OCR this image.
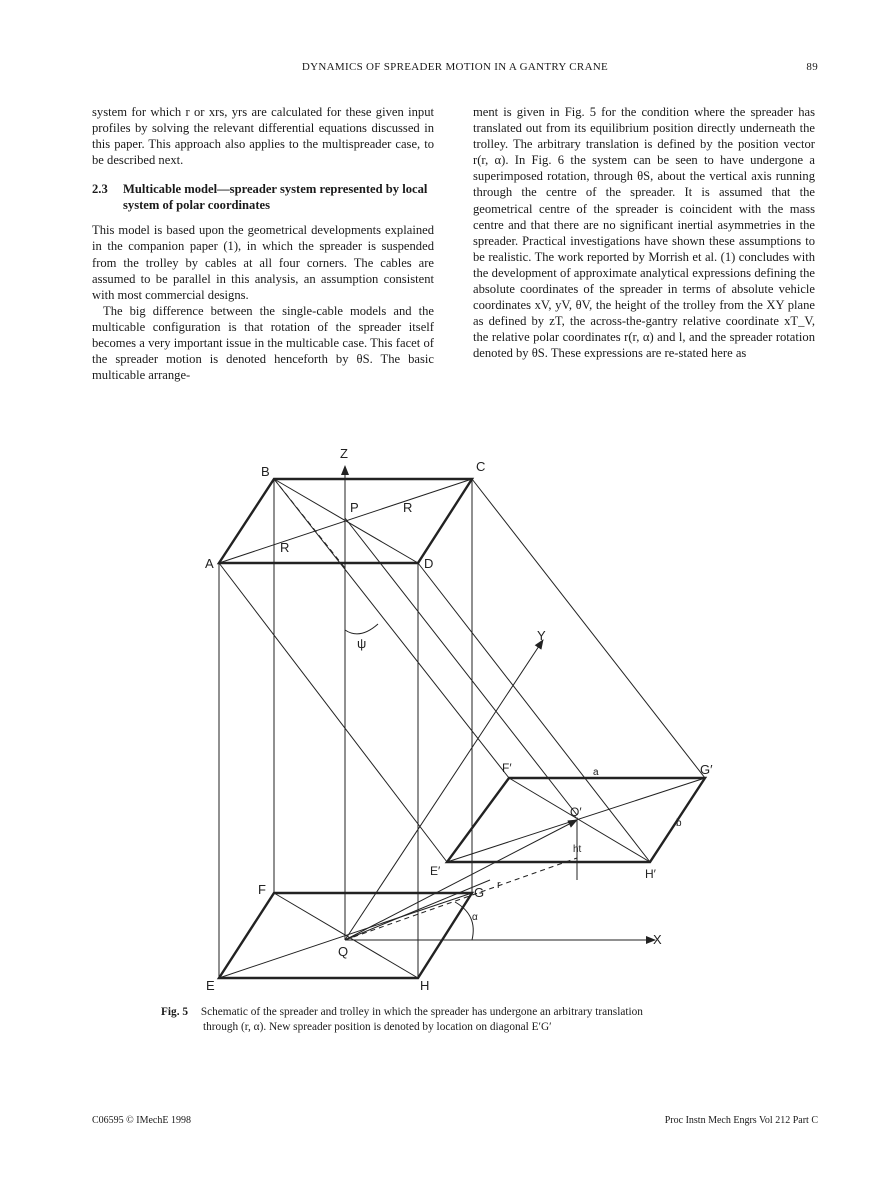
DYNAMICS OF SPREADER MOTION IN A GANTRY CRANE	89

system for which r or xrs, yrs are calculated for these given input profiles by solving the relevant differential equations discussed in this paper. This approach also applies to the multispreader case, to be described next.

2.3	Multicable model—spreader system represented by local system of polar coordinates

This model is based upon the geometrical developments explained in the companion paper (1), in which the spreader is suspended from the trolley by cables at all four corners. The cables are assumed to be parallel in this analysis, an assumption consistent with most commercial designs.

The big difference between the single-cable models and the multicable configuration is that rotation of the spreader itself becomes a very important issue in the multicable case. This facet of the spreader motion is denoted henceforth by θS. The basic multicable arrange-

ment is given in Fig. 5 for the condition where the spreader has translated out from its equilibrium position directly underneath the trolley. The arbitrary translation is defined by the position vector r(r, α). In Fig. 6 the system can be seen to have undergone a superimposed rotation, through θS, about the vertical axis running through the centre of the spreader. It is assumed that the geometrical centre of the spreader is coincident with the mass centre and that there are no significant inertial asymmetries in the spreader. Practical investigations have shown these assumptions to be realistic. The work reported by Morrish et al. (1) concludes with the development of approximate analytical expressions defining the absolute coordinates of the spreader in terms of absolute vehicle coordinates xV, yV, θV, the height of the trolley from the XY plane as defined by zT, the across-the-gantry relative coordinate xT_V, the relative polar coordinates r(r, α) and l, and the spreader rotation denoted by θS. These expressions are re-stated here as

Z
B	C
P	R
R
A	D
ψ
Y
F′	a	G′
Q′
b
ht
E′	H′
F	G r
α
X
Q
E	H
Fig. 5 Schematic of the spreader and trolley in which the spreader has undergone an arbitrary translation
through (r, α). New spreader position is denoted by location on diagonal E′G′
C06595 © IMechE 1998	Proc Instn Mech Engrs Vol 212 Part C
